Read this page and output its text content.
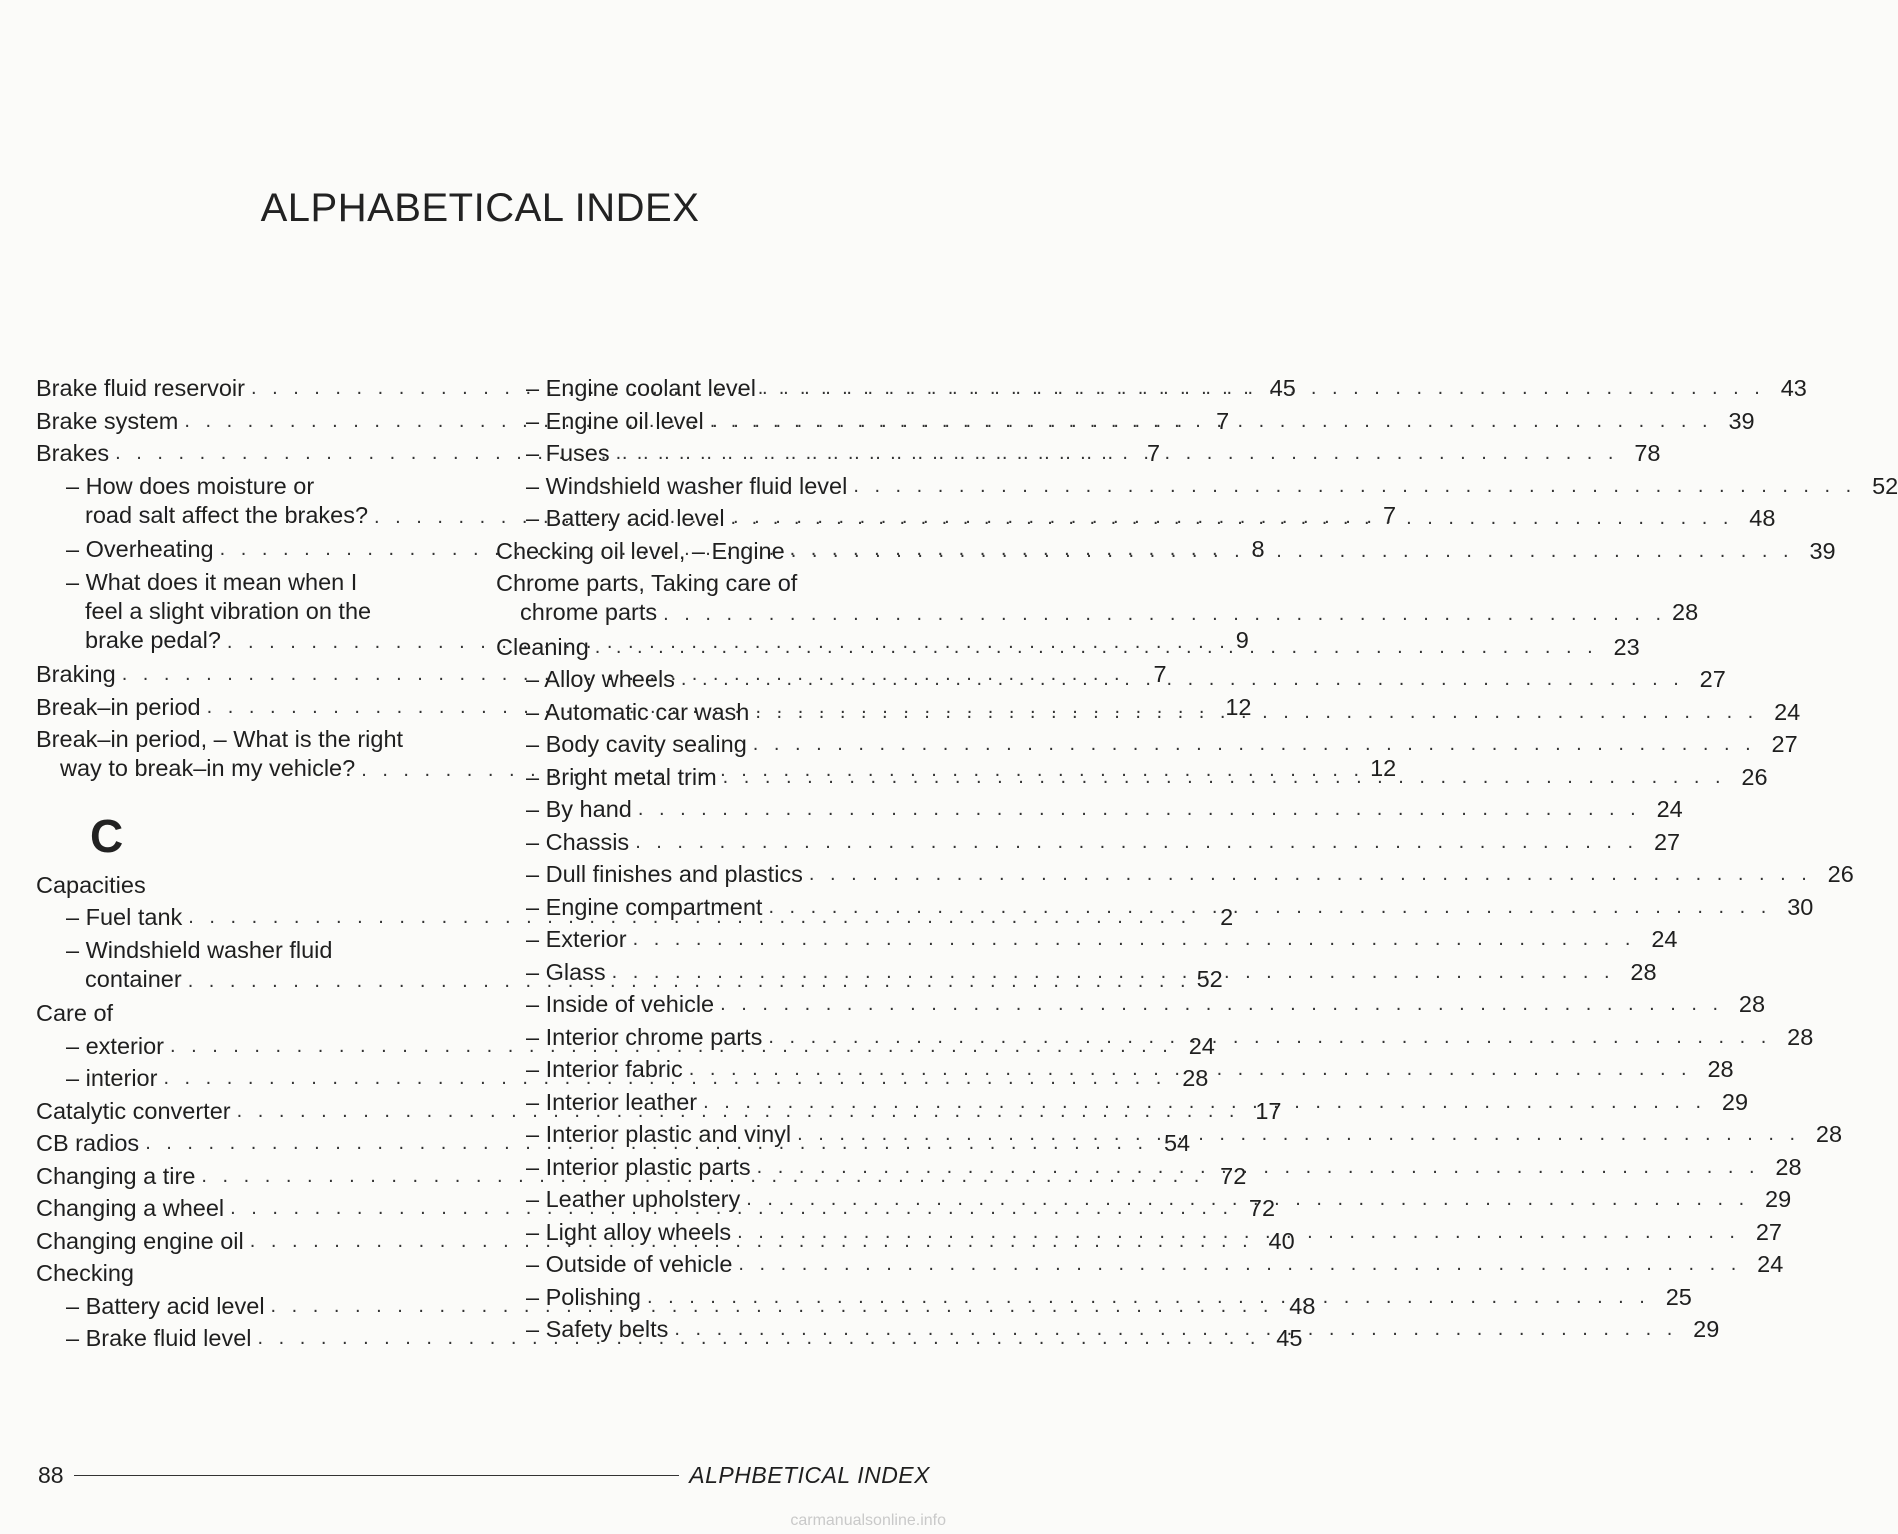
ALPHABETICAL INDEX
Brake fluid reservoir . . .	45
Brake system . . .	7
Brakes . . .	7
– How does moisture or
road salt affect the brakes? . . .	7
– Overheating . . .	8
– What does it mean when I
feel a slight vibration on the
brake pedal? . . .	9
Braking . . .	7
Break–in period . . .	12
Break–in period, – What is the right
way to break–in my vehicle? . . .	12
C
Capacities
– Fuel tank . . .	2
– Windshield washer fluid
container . . .	52
Care of
– exterior . . .	24
– interior . . .	28
Catalytic converter . . .	17
CB radios . . .	54
Changing a tire . . .	72
Changing a wheel . . .	72
Changing engine oil . . .	40
Checking
– Battery acid level . . .	48
– Brake fluid level . . .	45
– Engine coolant level . . .	43
– Engine oil level . . .	39
– Fuses . . .	78
– Windshield washer fluid level . . .	52
– Battery acid level . . .	48
Checking oil level, – Engine . . .	39
Chrome parts, Taking care of
chrome parts . . .	28
Cleaning . . .	23
– Alloy wheels . . .	27
– Automatic car wash . . .	24
– Body cavity sealing . . .	27
– Bright metal trim . . .	26
– By hand . . .	24
– Chassis . . .	27
– Dull finishes and plastics . . .	26
– Engine compartment . . .	30
– Exterior . . .	24
– Glass . . .	28
– Inside of vehicle . . .	28
– Interior chrome parts . . .	28
– Interior fabric . . .	28
– Interior leather . . .	29
– Interior plastic and vinyl . . .	28
– Interior plastic parts . . .	28
– Leather upholstery . . .	29
– Light alloy wheels . . .	27
– Outside of vehicle . . .	24
– Polishing . . .	25
– Safety belts . . .	29
88	ALPHBETICAL INDEX
carmanualsonline.info
